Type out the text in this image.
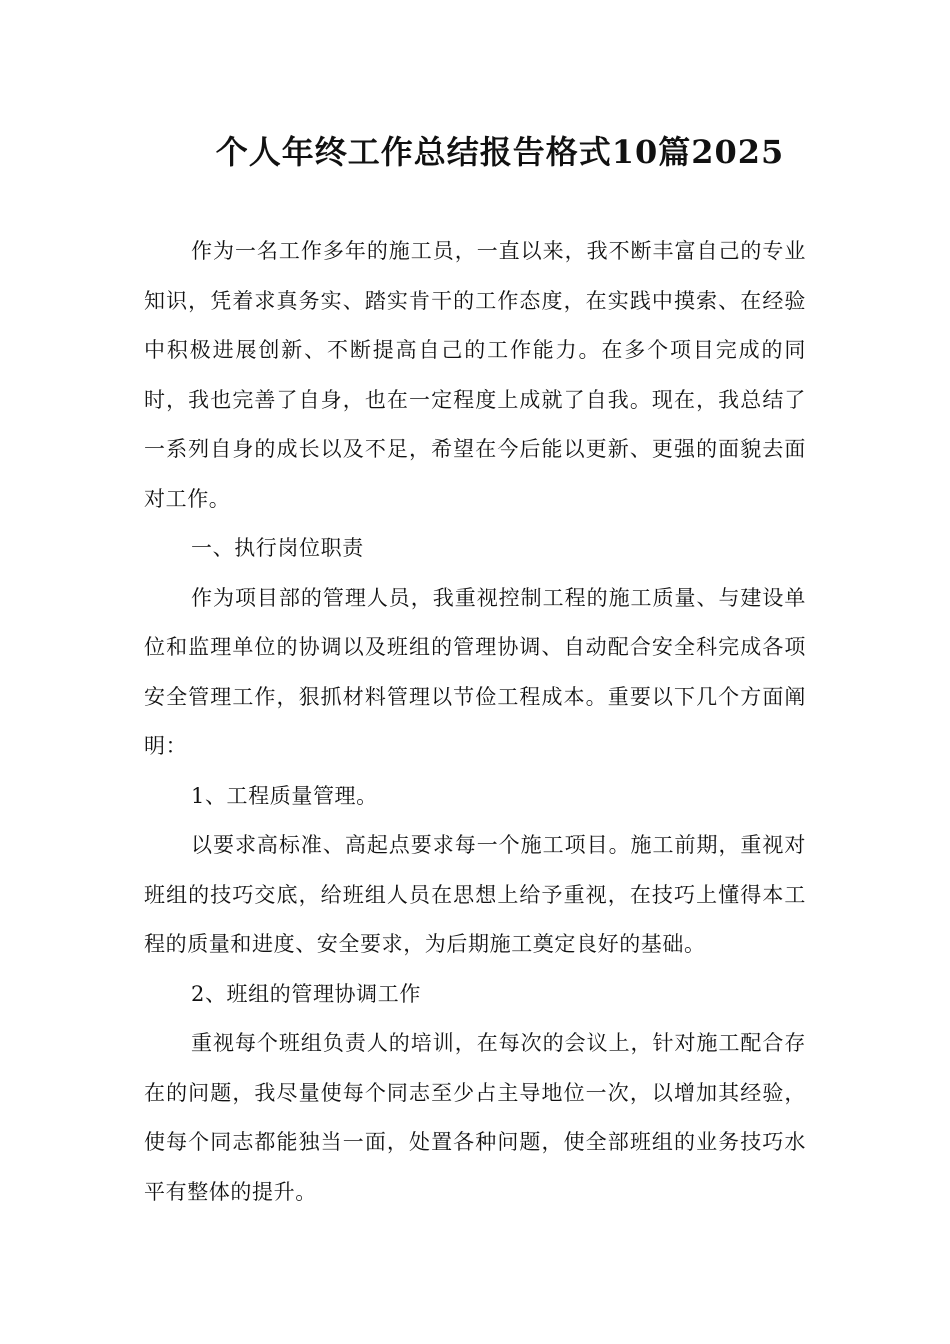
个人年终工作总结报告格式10篇2025

作为一名工作多年的施工员，一直以来，我不断丰富自己的专业知识，凭着求真务实、踏实肯干的工作态度，在实践中摸索、在经验中积极进展创新、不断提高自己的工作能力。在多个项目完成的同时，我也完善了自身，也在一定程度上成就了自我。现在，我总结了一系列自身的成长以及不足，希望在今后能以更新、更强的面貌去面对工作。

一、执行岗位职责

作为项目部的管理人员，我重视控制工程的施工质量、与建设单位和监理单位的协调以及班组的管理协调、自动配合安全科完成各项安全管理工作，狠抓材料管理以节俭工程成本。重要以下几个方面阐明：

1、工程质量管理。

以要求高标准、高起点要求每一个施工项目。施工前期，重视对班组的技巧交底，给班组人员在思想上给予重视，在技巧上懂得本工程的质量和进度、安全要求，为后期施工奠定良好的基础。

2、班组的管理协调工作

重视每个班组负责人的培训，在每次的会议上，针对施工配合存在的问题，我尽量使每个同志至少占主导地位一次，以增加其经验，使每个同志都能独当一面，处置各种问题，使全部班组的业务技巧水平有整体的提升。
